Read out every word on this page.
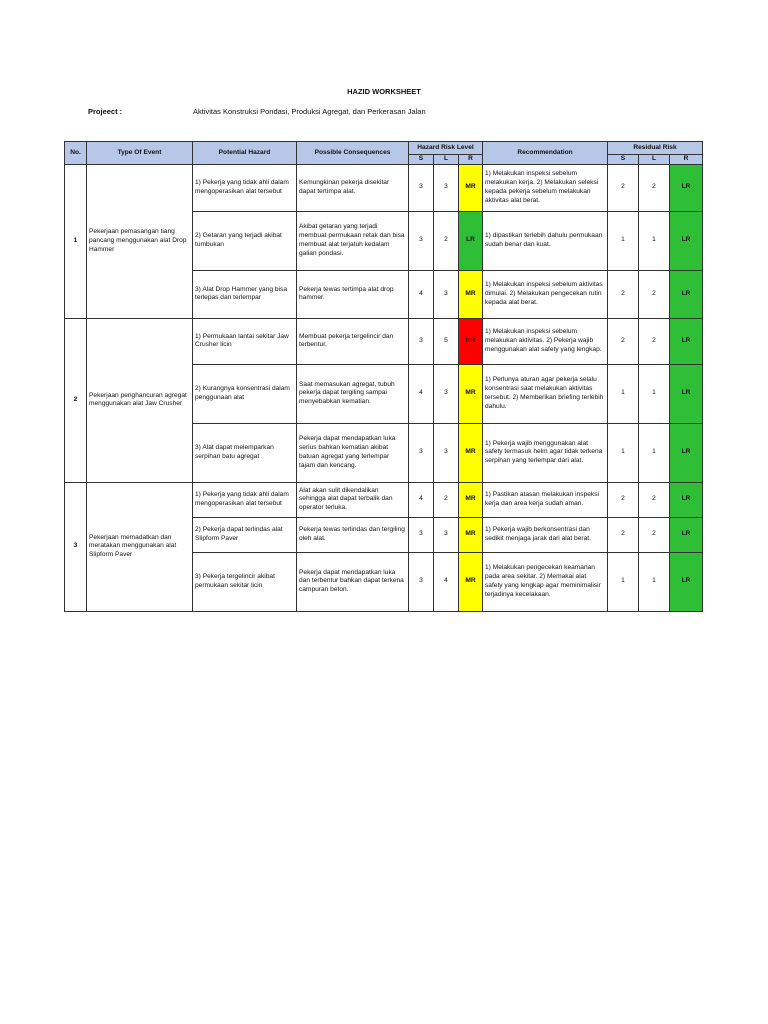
HAZID WORKSHEET
Projeect :	Aktivitas Konstruksi Pondasi, Produksi Agregat, dan Perkerasan Jalan
No.	Type Of Event	Potential Hazard	Possible Consequences	Hazard Risk Level			Recommendation	Residual Risk		
				S	L	R		S	L	R
1	Pekerjaan pemasangan tiang pancang menggunakan alat Drop Hammer	1) Pekerja yang tidak ahli dalam mengoperasikan alat tersebut	Kemungkinan pekerja disekitar dapat tertimpa alat.	3	3	MR	1) Melakukan inspeksi sebelum melakukan kerja. 2) Melakukan seleksi kepada pekerja sebelum melakukan aktivitas alat berat.	2	2	LR
		2) Getaran yang terjadi akibat tumbukan	Akibat getaran yang terjadi membuat permukaan retak dan bisa membuat alat terjatuh kedalam galian pondasi.	3	2	LR	1) dipastikan terlebih dahulu permukaan sudah benar dan kuat.	1	1	LR
		3) Alat Drop Hammer yang bisa terlepas dan terlempar	Pekerja tewas tertimpa alat drop hammer.	4	3	MR	1) Melakukan inspeksi sebelum aktivitas dimulai. 2) Melakukan pengecekan rutin kepada alat berat.	2	2	LR
2	Pekerjaan penghancuran agregat menggunakan alat Jaw Crusher	1) Permukaan lantai sekitar Jaw Crusher licin	Membuat pekerja tergelincir dan terbentur.	3	5	HR	1) Melakukan inspeksi sebelum melakukan aktivitas. 2) Pekerja wajib menggunakan alat safety yang lengkap.	2	2	LR
		2) Kurangnya konsentrasi dalam penggunaan alat	Saat memasukan agregat, tubuh pekerja dapat tergiling sampai menyebabkan kematian.	4	3	MR	1) Perlunya aturan agar pekerja selalu konsentrasi saat melakukan aktivitas tersebut. 2) Memberikan briefing terlebih dahulu.	1	1	LR
		3) Alat dapat melemparkan serpihan batu agregat	Pekerja dapat mendapatkan luka serius bahkan kematian akibat batuan agregat yang terlempar tajam dan kencang.	3	3	MR	1) Pekerja wajib menggunakan alat safety termasuk helm agar tidak terkena serpihan yang terlempar dari alat.	1	1	LR
3	Pekerjaan memadatkan dan meratakan menggunakan alat Slipform Paver	1) Pekerja yang tidak ahli dalam mengoperasikan alat tersebut	Alat akan sulit dikendalikan sehingga alat dapat terbalik dan operator terluka.	4	2	MR	1) Pastikan atasan melakukan inspeksi kerja dan area kerja sudah aman.	2	2	LR
		2) Pekerja dapat terlindas alat Slipform Paver	Pekerja tewas terlindas dan tergiling oleh alat.	3	3	MR	1) Pekerja wajib berkonsentrasi dan sedikit menjaga jarak dari alat berat.	2	2	LR
		3) Pekerja tergelincir akibat permukaan sekitar licin	Pekerja dapat mendapatkan luka dan terbentur bahkan dapat terkena campuran beton.	3	4	MR	1) Melakukan pengecekan keamanan pada area sekitar. 2) Memakai alat safety yang lengkap agar meminimalisir terjadinya kecelakaan.	1	1	LR
